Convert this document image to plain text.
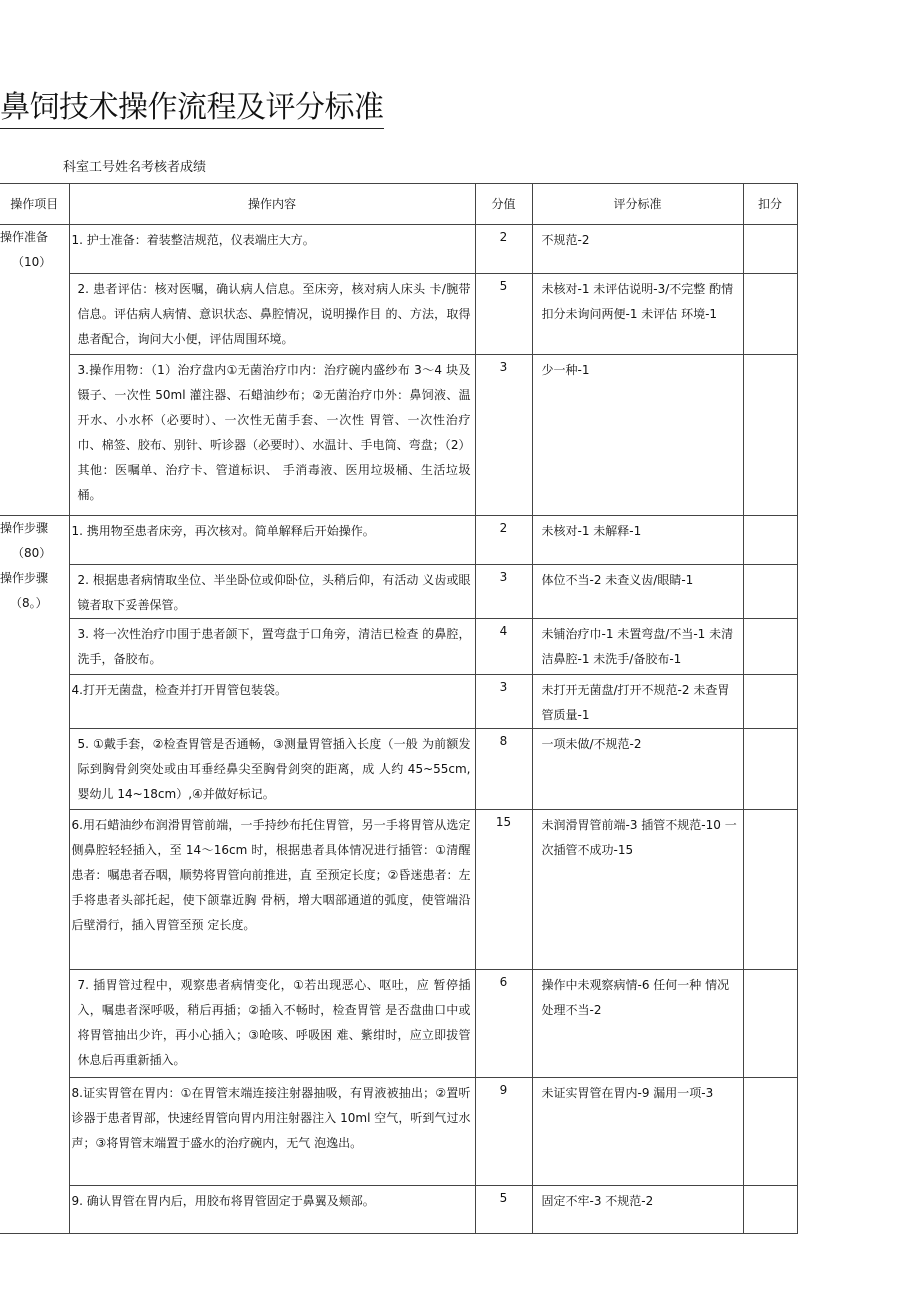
鼻饲技术操作流程及评分标准
科室工号姓名考核者成绩
操作项目	操作内容	分值	评分标准	扣分

操作准备
（10）	1. 护士准备：着装整洁规范，仪表端庄大方。	2	不规范-2	
	2. 患者评估：核对医嘱，确认病人信息。至床旁，核对病人床头 卡/腕带信息。评估病人病情、意识状态、鼻腔情况，说明操作目 的、方法，取得患者配合，询问大小便，评估周围环境。	5	未核对-1 未评估说明-3/不完整 酌情扣分未询问两便-1 未评估 环境-1	
	3.操作用物：（1）治疗盘内①无菌治疗巾内：治疗碗内盛纱布 3～4 块及镊子、一次性 50ml 灌注器、石蜡油纱布；②无菌治疗巾外：鼻饲液、温开水、小水杯（必要时）、一次性无菌手套、一次性 胃管、一次性治疗巾、棉签、胶布、别针、听诊器（必要时）、水温计、手电筒、弯盘；（2）其他：医嘱单、治疗卡、管道标识、 手消毒液、医用垃圾桶、生活垃圾桶。	3	少一种-1	

操作步骤
（80）
操作步骤
（8。）	1. 携用物至患者床旁，再次核对。简单解释后开始操作。	2	未核对-1 未解释-1	
	2. 根据患者病情取坐位、半坐卧位或仰卧位，头稍后仰，有活动 义齿或眼镜者取下妥善保管。	3	体位不当-2 未查义齿/眼睛-1	
	3. 将一次性治疗巾围于患者颌下，置弯盘于口角旁，清洁已检查 的鼻腔，洗手，备胶布。	4	未铺治疗巾-1 未置弯盘/不当-1 未清洁鼻腔-1 未洗手/备胶布-1	
	4.打开无菌盘，检查并打开胃管包装袋。	3	未打开无菌盘/打开不规范-2 未查胃管质量-1	
	5. ①戴手套，②检查胃管是否通畅，③测量胃管插入长度（一般 为前额发际到胸骨剑突处或由耳垂经鼻尖至胸骨剑突的距离，成 人约 45~55cm,婴幼儿 14~18cm）,④并做好标记。	8	一项未做/不规范-2	
	6.用石蜡油纱布润滑胃管前端，一手持纱布托住胃管，另一手将胃管从选定侧鼻腔轻轻插入，至 14～16cm 时，根据患者具体情况进行插管：①清醒患者：嘱患者吞咽，顺势将胃管向前推进，直 至预定长度；②昏迷患者：左手将患者头部托起，使下颌靠近胸 骨柄，增大咽部通道的弧度，使管端沿后壁滑行，插入胃管至预 定长度。	15	未润滑胃管前端-3 插管不规范-10 一次插管不成功-15	
	7. 插胃管过程中，观察患者病情变化，①若出现恶心、呕吐，应 暂停插入，嘱患者深呼吸，稍后再插；②插入不畅时，检查胃管 是否盘曲口中或将胃管抽出少许，再小心插入；③呛咳、呼吸困 难、紫绀时，应立即拔管休息后再重新插入。	6	操作中未观察病情-6 任何一种 情况处理不当-2	
	8.证实胃管在胃内：①在胃管末端连接注射器抽吸，有胃液被抽出；②置听诊器于患者胃部，快速经胃管向胃内用注射器注入 10ml 空气，听到气过水声；③将胃管末端置于盛水的治疗碗内，无气 泡逸出。	9	未证实胃管在胃内-9 漏用一项-3	
	9. 确认胃管在胃内后，用胶布将胃管固定于鼻翼及颊部。	5	固定不牢-3 不规范-2	
